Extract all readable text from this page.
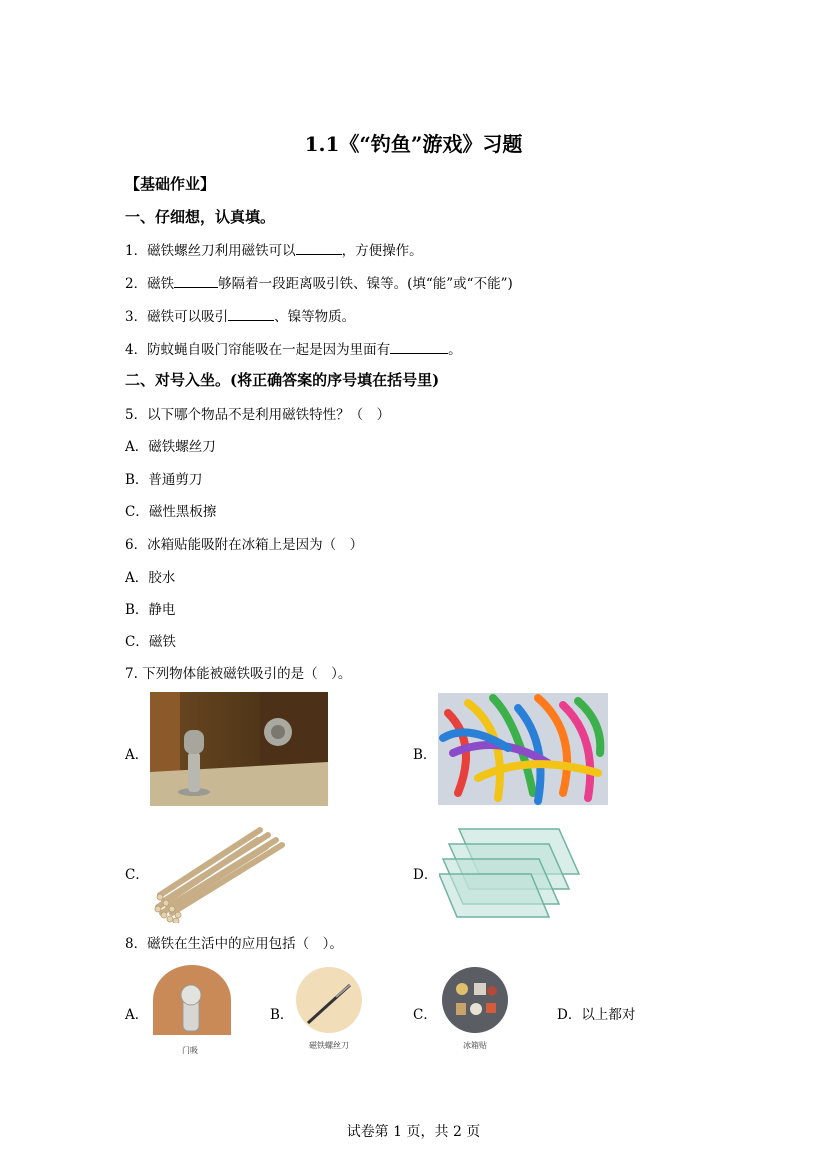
1.1《“钓鱼”游戏》习题
【基础作业】
一、仔细想，认真填。
1．磁铁螺丝刀利用磁铁可以	，方便操作。
2．磁铁	够隔着一段距离吸引铁、镍等。(填“能”或“不能”)
3．磁铁可以吸引	、镍等物质。
4．防蚊蝇自吸门帘能吸在一起是因为里面有	。
二、对号入坐。(将正确答案的序号填在括号里)
5．以下哪个物品不是利用磁铁特性？（　）
A．磁铁螺丝刀
B．普通剪刀
C．磁性黑板擦
6．冰箱贴能吸附在冰箱上是因为（　）
A．胶水
B．静电
C．磁铁
7. 下列物体能被磁铁吸引的是（　）。
A．	B．
C．	D．
8．磁铁在生活中的应用包括（　）。
A．
门吸
B．
磁铁螺丝刀
C．
冰箱贴
D．以上都对
试卷第 1 页，共 2 页
